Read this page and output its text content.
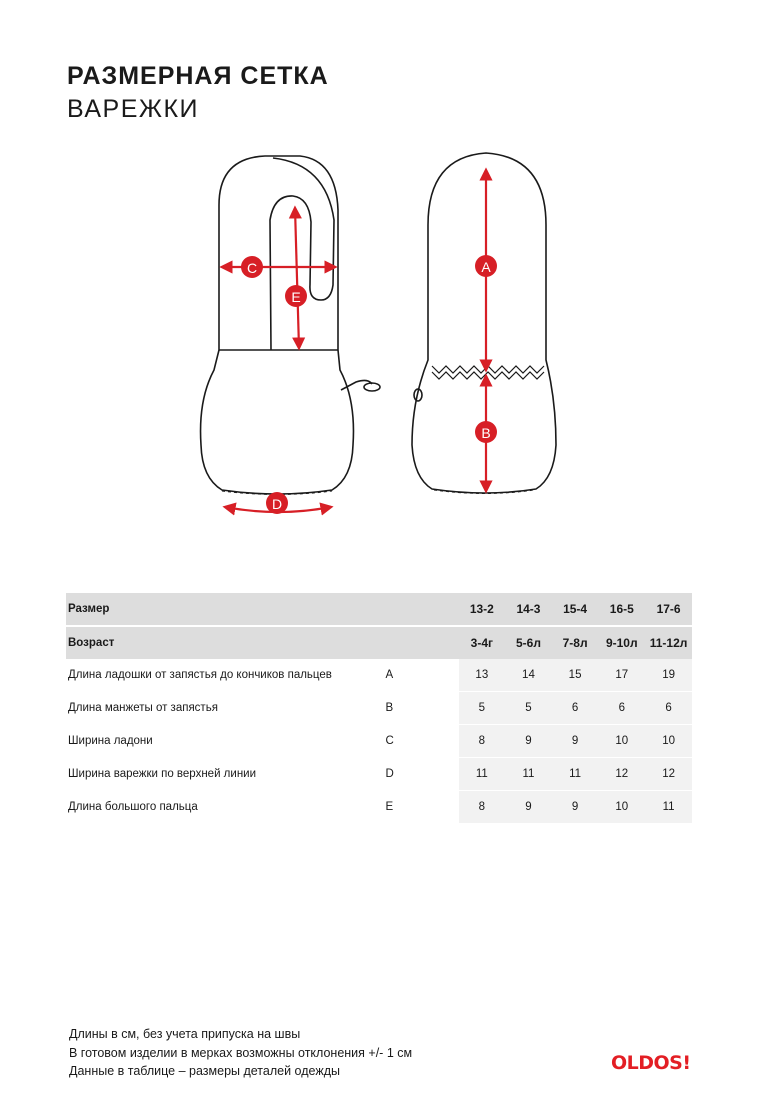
РАЗМЕРНАЯ СЕТКА
ВАРЕЖКИ
C
E
D
A
B
Размер		13-2	14-3	15-4	16-5	17-6

Возраст		3-4г	5-6л	7-8л	9-10л	11-12л
Длина ладошки от запястья до кончиков пальцев	A	13	14	15	17	19
Длина манжеты от запястья	B	5	5	6	6	6
Ширина ладони	C	8	9	9	10	10
Ширина варежки по верхней линии	D	11	11	11	12	12
Длина большого пальца	E	8	9	9	10	11
Длины в см, без учета припуска на швы
В готовом изделии в мерках возможны отклонения +/- 1 см
Данные в таблице – размеры деталей одежды	OLDOS!
